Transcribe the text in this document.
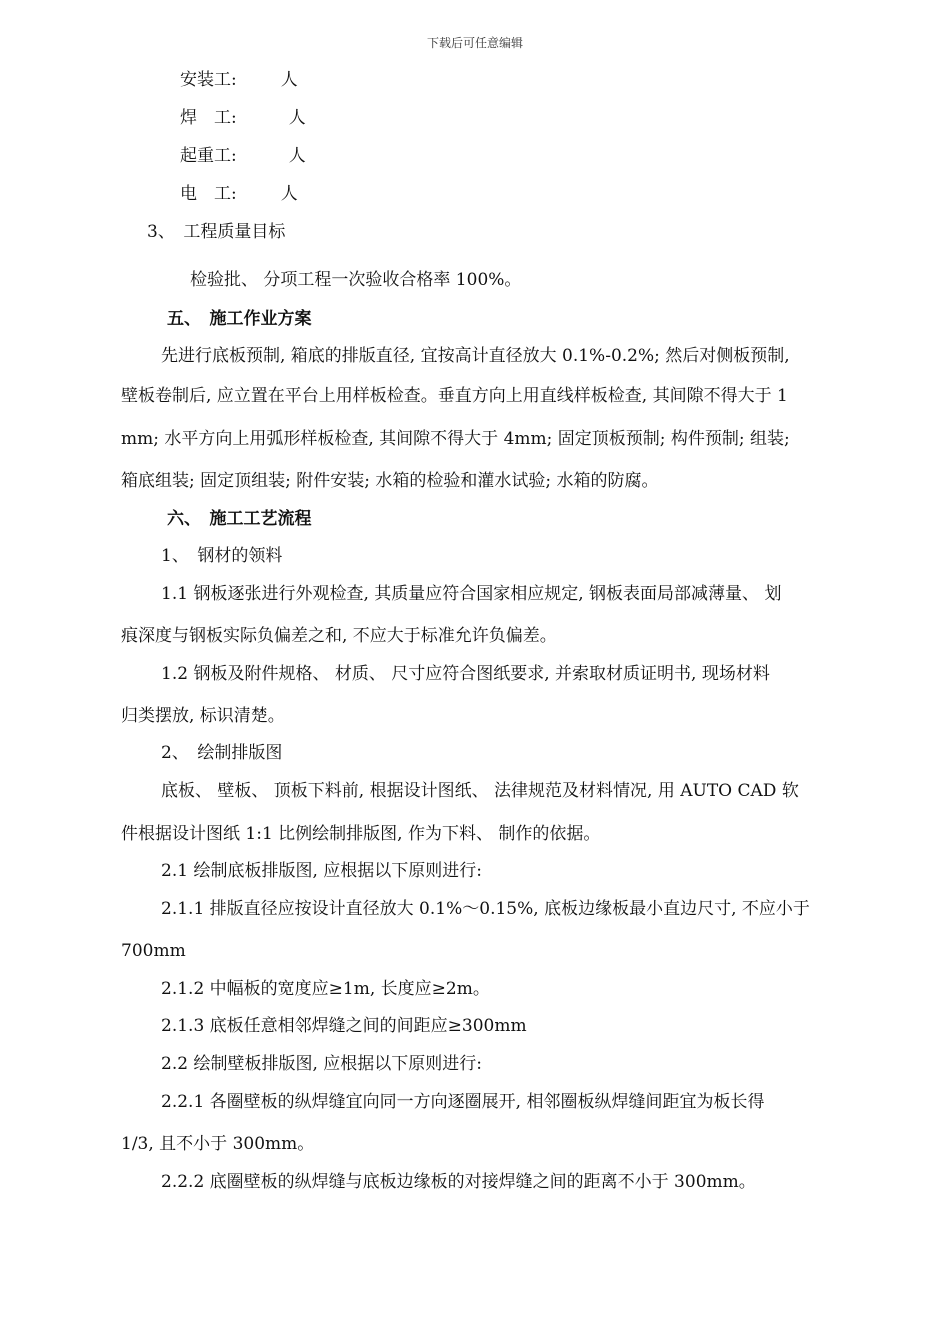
下载后可任意编辑
安装工:	人
焊　工:	人
起重工:	人
电　工:	人
3、　工程质量目标
检验批、 分项工程一次验收合格率 100%。
五、　施工作业方案
先进行底板预制, 箱底的排版直径, 宜按高计直径放大 0.1%-0.2%; 然后对侧板预制,
壁板卷制后, 应立置在平台上用样板检查。垂直方向上用直线样板检查, 其间隙不得大于 1
mm; 水平方向上用弧形样板检查, 其间隙不得大于 4mm; 固定顶板预制; 构件预制; 组装;
箱底组装; 固定顶组装; 附件安装; 水箱的检验和灌水试验; 水箱的防腐。
六、　施工工艺流程
1、　钢材的领料
1.1 钢板逐张进行外观检查, 其质量应符合国家相应规定, 钢板表面局部减薄量、 划
痕深度与钢板实际负偏差之和, 不应大于标准允许负偏差。
1.2 钢板及附件规格、 材质、 尺寸应符合图纸要求, 并索取材质证明书, 现场材料
归类摆放, 标识清楚。
2、　绘制排版图
底板、 壁板、 顶板下料前, 根据设计图纸、 法律规范及材料情况, 用 AUTO CAD 软
件根据设计图纸 1:1 比例绘制排版图, 作为下料、 制作的依据。
2.1 绘制底板排版图, 应根据以下原则进行:
2.1.1 排版直径应按设计直径放大 0.1%～0.15%, 底板边缘板最小直边尺寸, 不应小于
700mm
2.1.2 中幅板的宽度应≥1m, 长度应≥2m。
2.1.3 底板任意相邻焊缝之间的间距应≥300mm
2.2 绘制壁板排版图, 应根据以下原则进行:
2.2.1 各圈壁板的纵焊缝宜向同一方向逐圈展开, 相邻圈板纵焊缝间距宜为板长得
1/3, 且不小于 300mm。
2.2.2 底圈壁板的纵焊缝与底板边缘板的对接焊缝之间的距离不小于 300mm。
